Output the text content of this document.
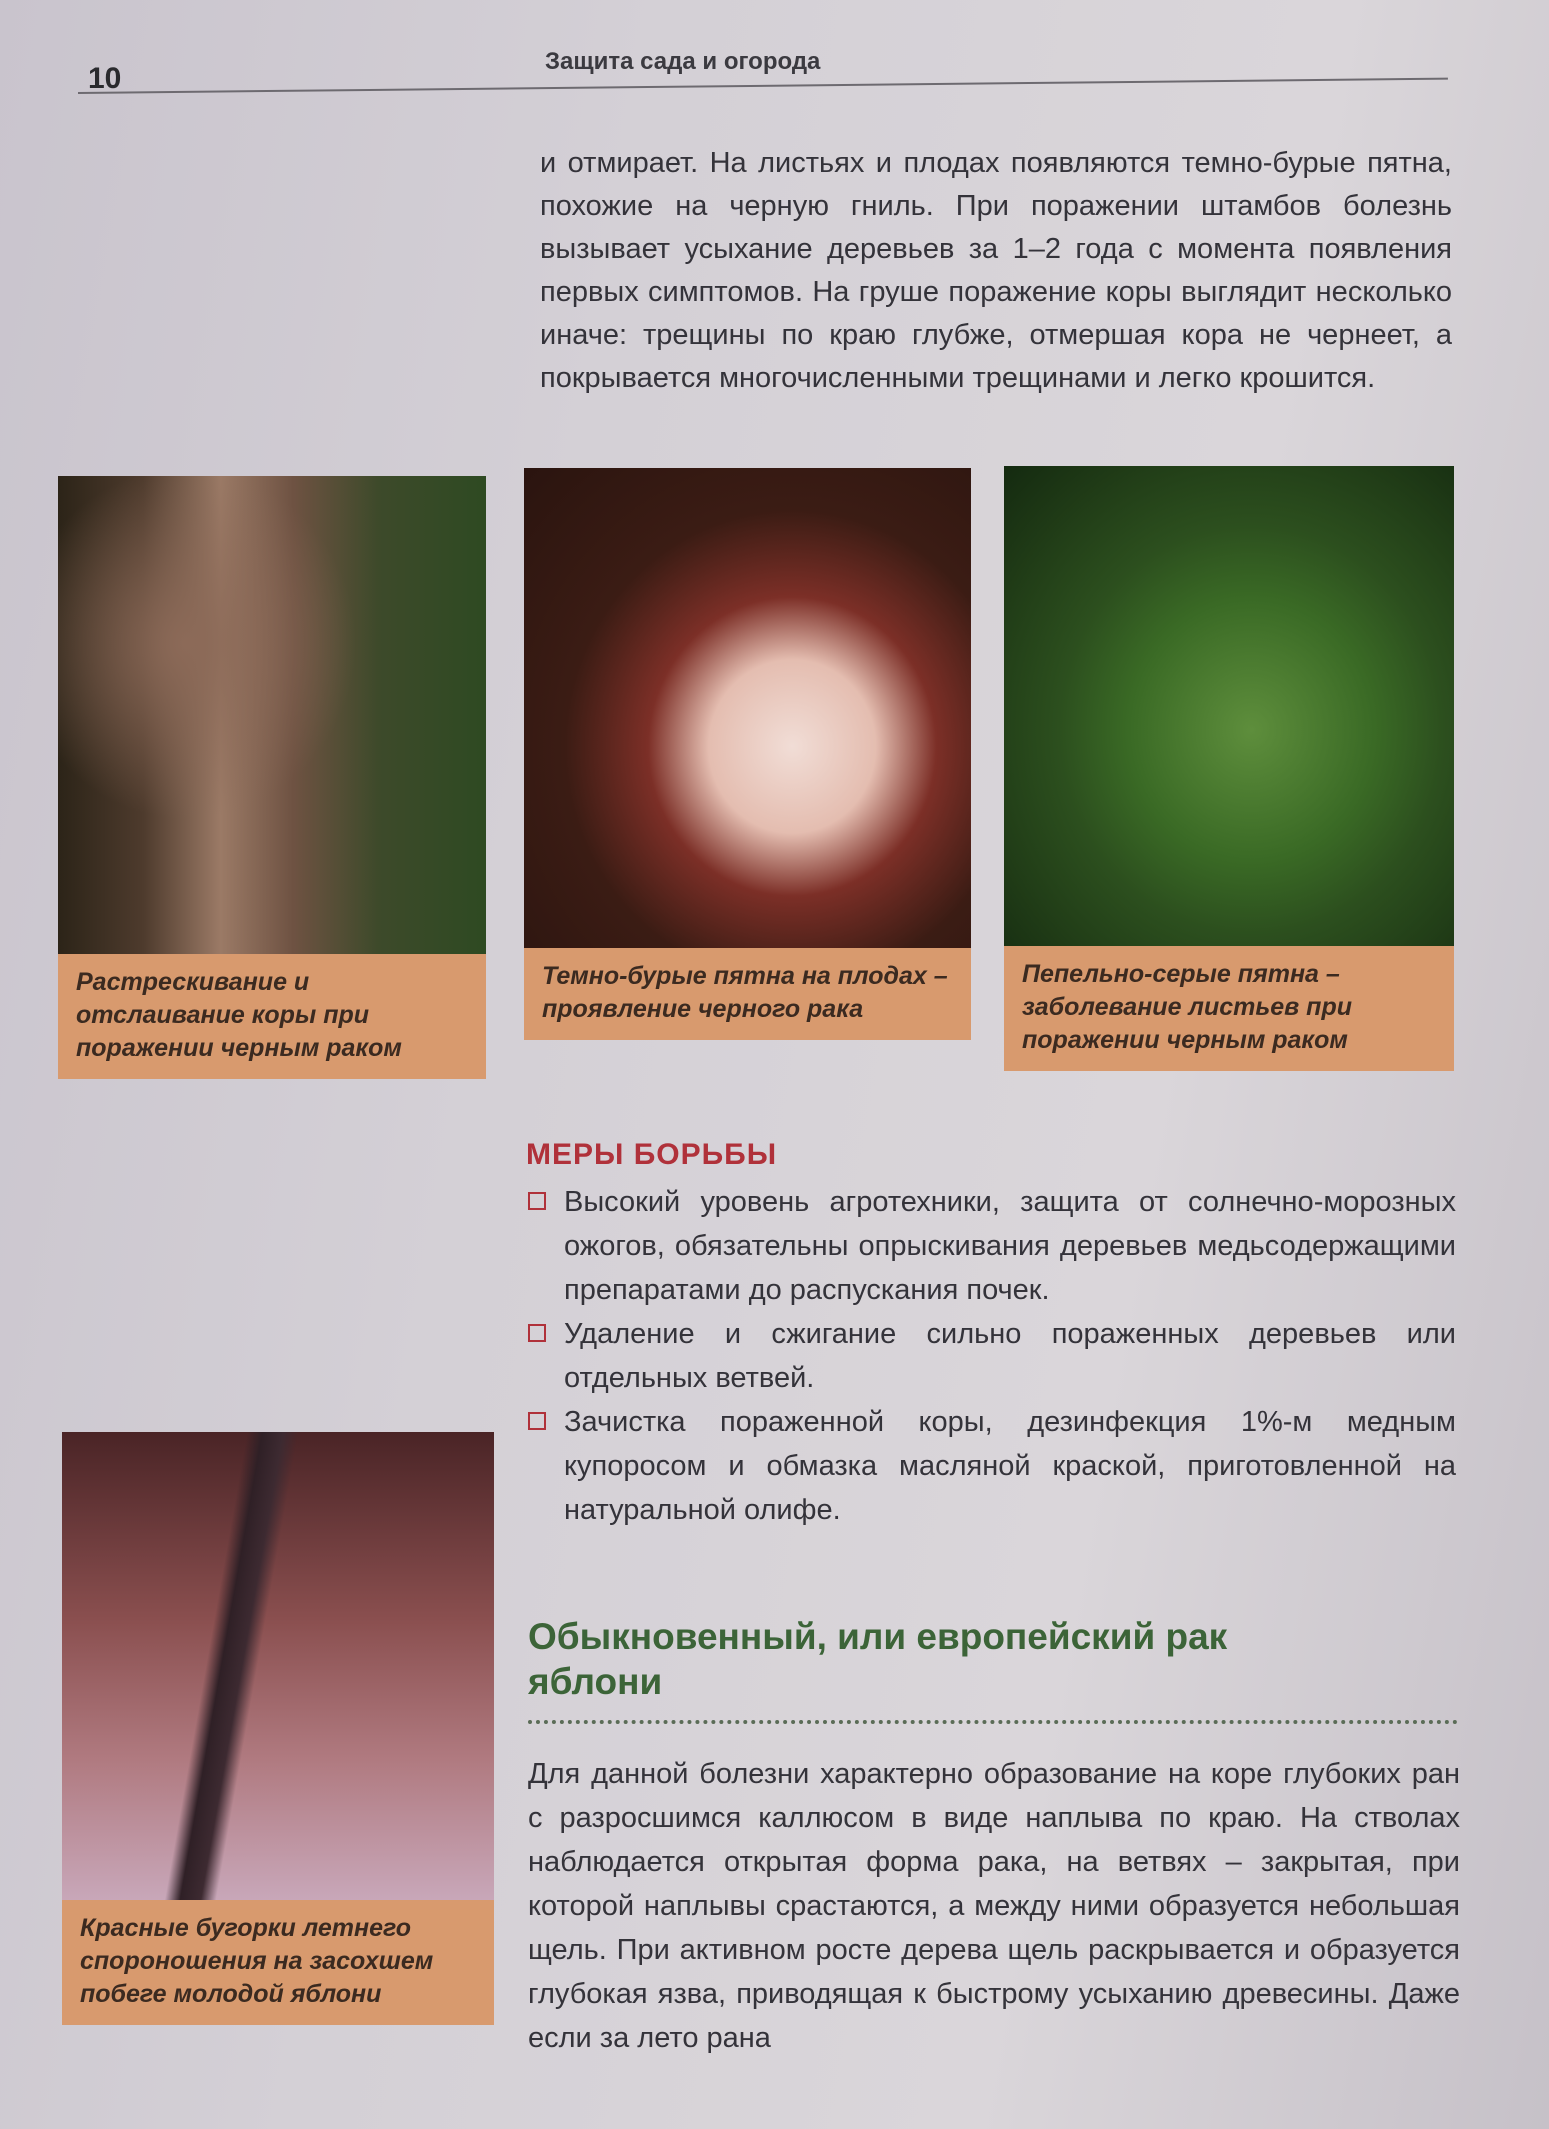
10
Защита сада и огорода

и отмирает. На листьях и плодах появляются темно-бурые пятна, похожие на черную гниль. При поражении штамбов болезнь вызывает усыхание деревьев за 1–2 года с момента появления первых симптомов. На груше поражение коры выглядит несколько иначе: трещины по краю глубже, отмершая кора не чернеет, а покрывается многочисленными трещинами и легко крошится.

Растрескивание и отслаивание коры при поражении черным раком
Темно-бурые пятна на плодах – проявление черного рака
Пепельно-серые пятна – заболевание листьев при поражении черным раком
Красные бугорки летнего спороношения на засохшем побеге молодой яблони
МЕРЫ БОРЬБЫ
Высокий уровень агротехники, защита от солнечно-морозных ожогов, обязательны опрыскивания деревьев медьсодержащими препаратами до распускания почек.
Удаление и сжигание сильно пораженных деревьев или отдельных ветвей.
Зачистка пораженной коры, дезинфекция 1%-м медным купоросом и обмазка масляной краской, приготовленной на натуральной олифе.
Обыкновенный, или европейский рак яблони

Для данной болезни характерно образование на коре глубоких ран с разросшимся каллюсом в виде наплыва по краю. На стволах наблюдается открытая форма рака, на ветвях – закрытая, при которой наплывы срастаются, а между ними образуется небольшая щель. При активном росте дерева щель раскрывается и образуется глубокая язва, приводящая к быстрому усыханию древесины. Даже если за лето рана
